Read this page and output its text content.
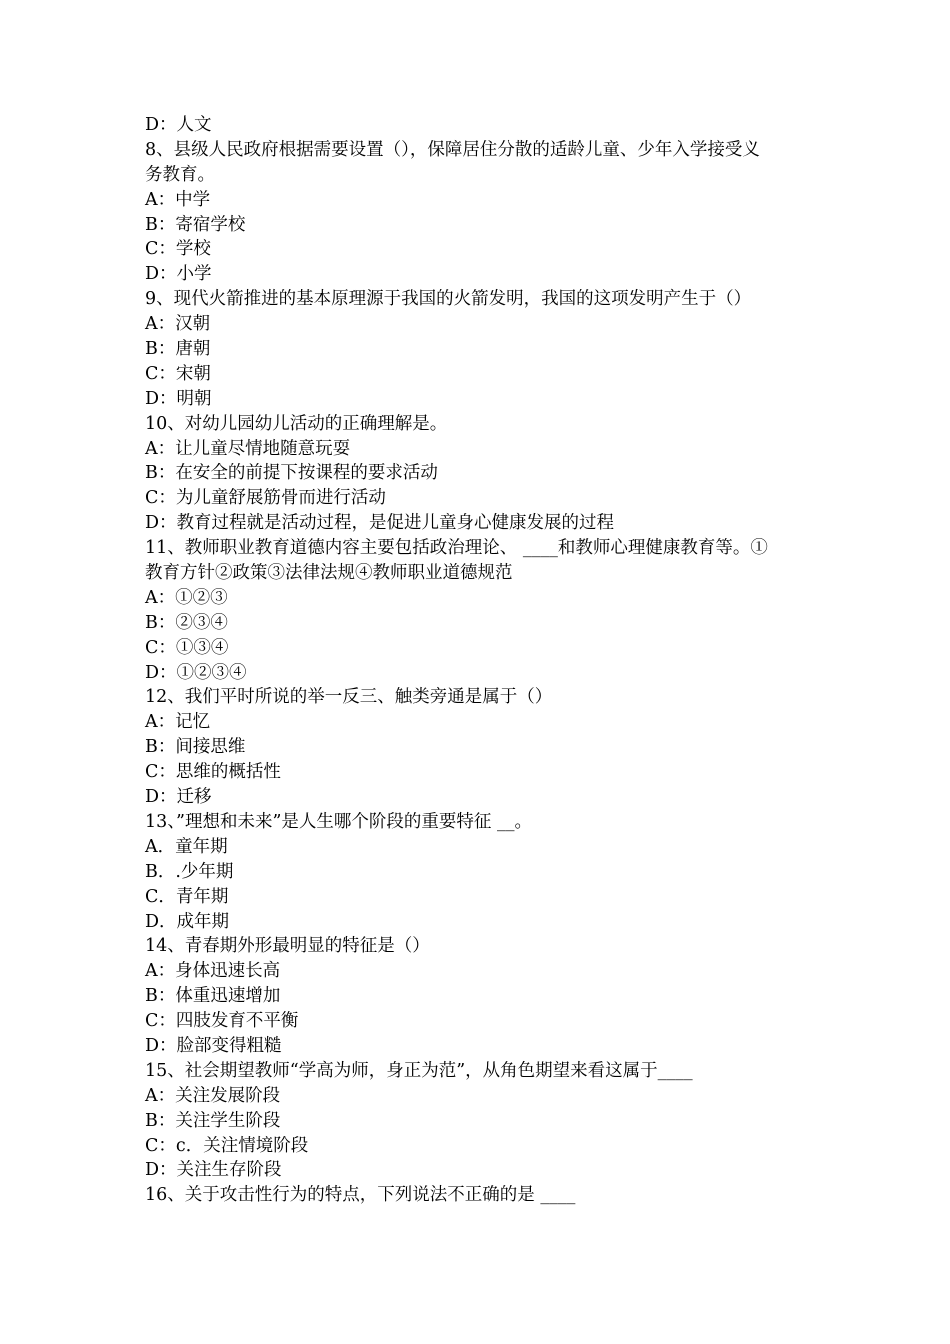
D：人文
8、县级人民政府根据需要设置（），保障居住分散的适龄儿童、少年入学接受义
务教育。
A：中学
B：寄宿学校
C：学校
D：小学
9、现代火箭推进的基本原理源于我国的火箭发明，我国的这项发明产生于（）
A：汉朝
B：唐朝
C：宋朝
D：明朝
10、对幼儿园幼儿活动的正确理解是。
A：让儿童尽情地随意玩耍
B：在安全的前提下按课程的要求活动
C：为儿童舒展筋骨而进行活动
D：教育过程就是活动过程，是促进儿童身心健康发展的过程
11、教师职业教育道德内容主要包括政治理论、 ____和教师心理健康教育等。①
教育方针②政策③法律法规④教师职业道德规范
A：①②③
B：②③④
C：①③④
D：①②③④
12、我们平时所说的举一反三、触类旁通是属于（）
A：记忆
B：间接思维
C：思维的概括性
D：迁移
13、”理想和未来”是人生哪个阶段的重要特征 __。
A．童年期
B．.少年期
C．青年期
D．成年期
14、青春期外形最明显的特征是（）
A：身体迅速长高
B：体重迅速增加
C：四肢发育不平衡
D：脸部变得粗糙
15、社会期望教师“学高为师，身正为范”，从角色期望来看这属于____
A：关注发展阶段
B：关注学生阶段
C：c．关注情境阶段
D：关注生存阶段
16、关于攻击性行为的特点，下列说法不正确的是 ____
